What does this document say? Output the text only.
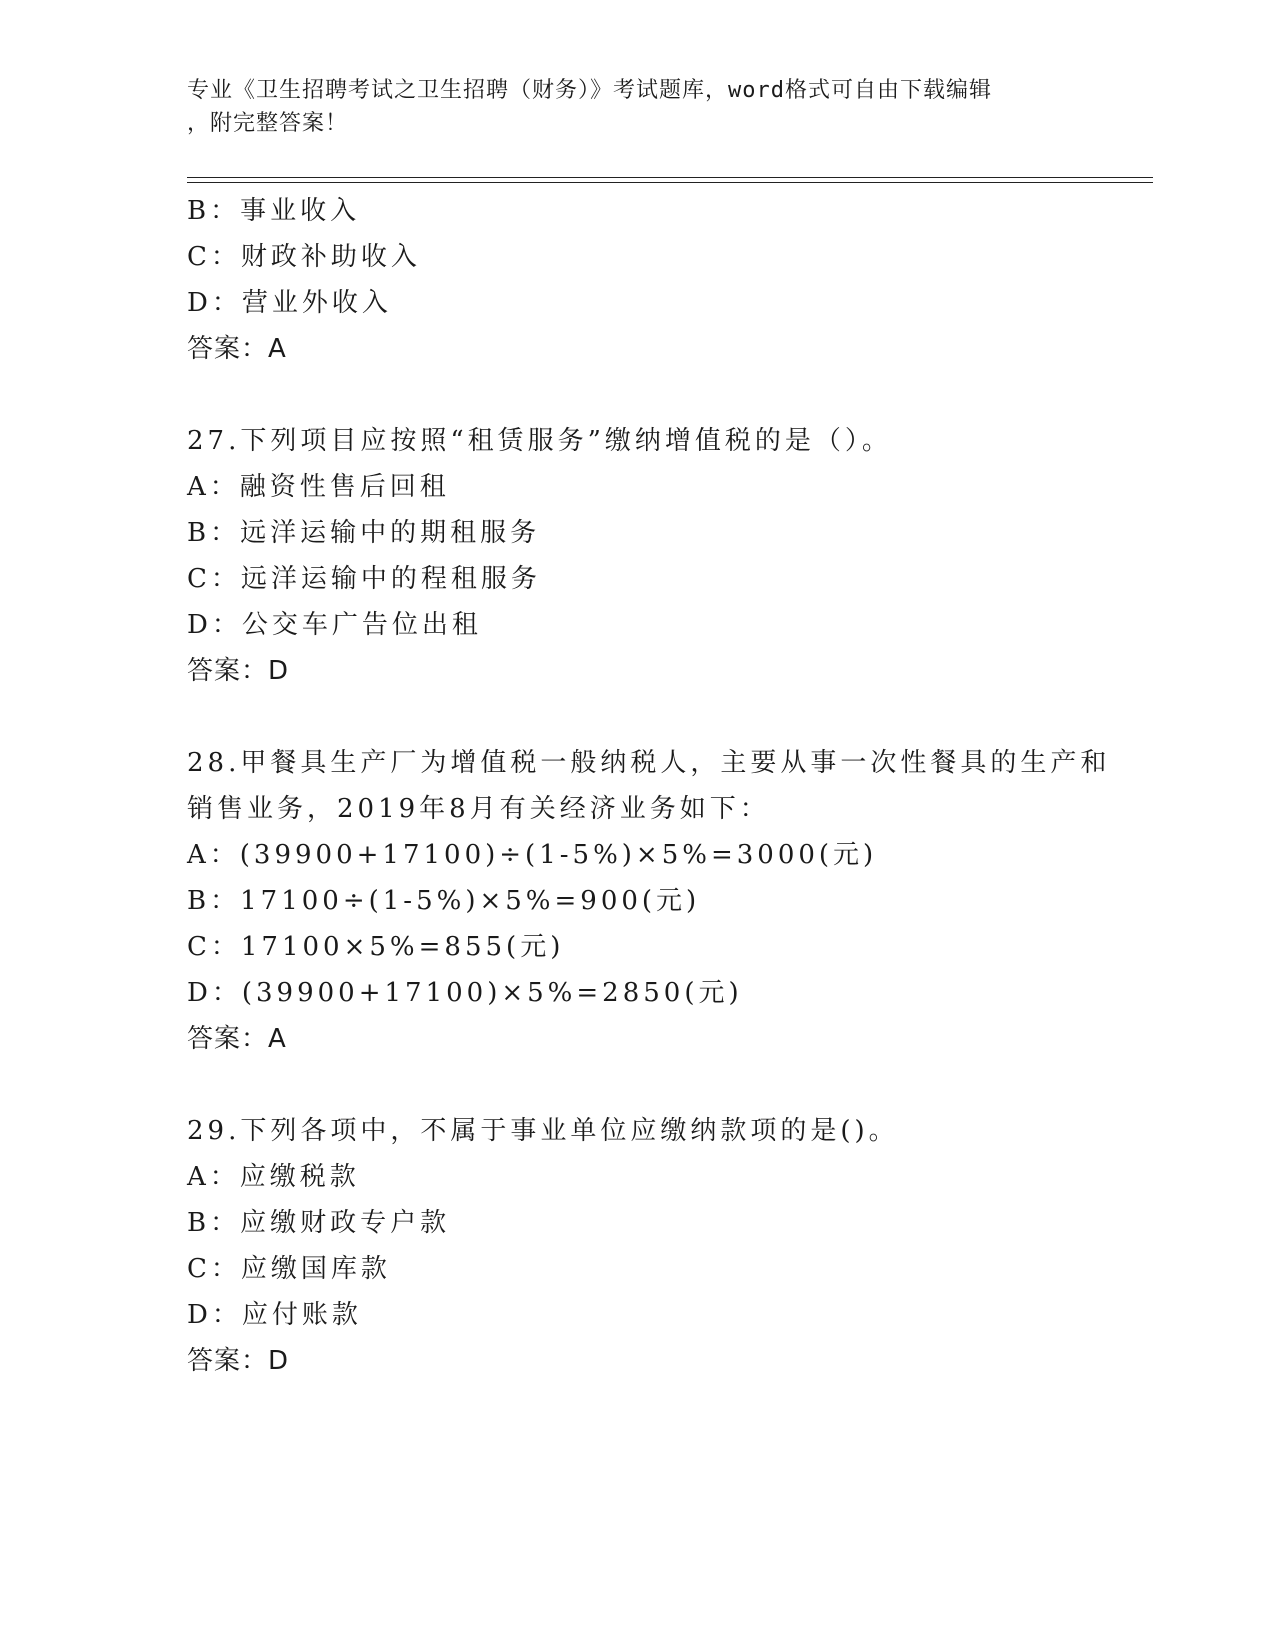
专业《卫生招聘考试之卫生招聘（财务）》考试题库，word格式可自由下载编辑
，附完整答案！
B：事业收入
C：财政补助收入
D：营业外收入
答案：A
27.下列项目应按照“租赁服务”缴纳增值税的是（）。
A：融资性售后回租
B：远洋运输中的期租服务
C：远洋运输中的程租服务
D：公交车广告位出租
答案：D
28.甲餐具生产厂为增值税一般纳税人，主要从事一次性餐具的生产和
销售业务，2019年8月有关经济业务如下：
A：(39900+17100)÷(1-5%)×5%=3000(元)
B：17100÷(1-5%)×5%=900(元)
C：17100×5%=855(元)
D：(39900+17100)×5%=2850(元)
答案：A
29.下列各项中，不属于事业单位应缴纳款项的是()。
A：应缴税款
B：应缴财政专户款
C：应缴国库款
D：应付账款
答案：D
